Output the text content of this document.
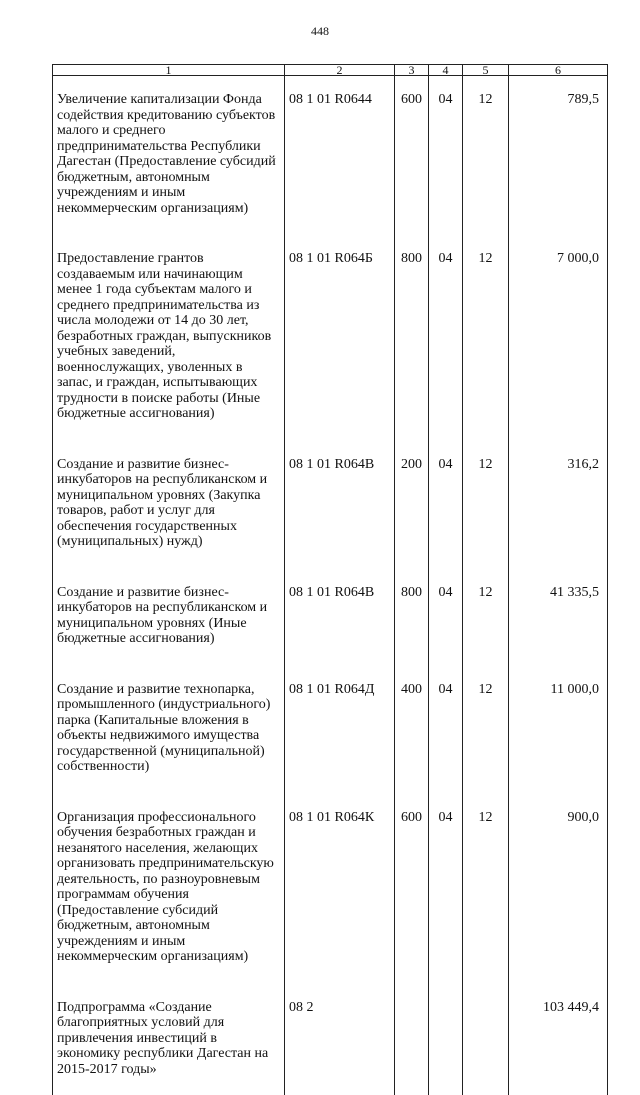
448
1	2	3	4	5	6

Увеличение капитализации Фонда содействия кредитованию субъектов малого и среднего предпринимательства Республики Дагестан (Предоставление субсидий бюджетным, автономным учреждениям и иным некоммерческим организациям)	08 1 01 R0644	600	04	12	789,5

Предоставление грантов создаваемым или начинающим менее 1 года субъектам малого и среднего предпринимательства из числа молодежи от 14 до 30 лет, безработных граждан, выпускников учебных заведений, военнослужащих, уволенных в запас, и граждан, испытывающих трудности в поиске работы (Иные бюджетные ассигнования)	08 1 01 R064Б	800	04	12	7 000,0

Создание и развитие бизнес-инкубаторов на республиканском и муниципальном уровнях (Закупка товаров, работ и услуг для обеспечения государственных (муниципальных) нужд)	08 1 01 R064В	200	04	12	316,2

Создание и развитие бизнес-инкубаторов на республиканском и муниципальном уровнях (Иные бюджетные ассигнования)	08 1 01 R064В	800	04	12	41 335,5

Создание и развитие технопарка, промышленного (индустриального) парка (Капитальные вложения в объекты недвижимого имущества государственной (муниципальной) собственности)	08 1 01 R064Д	400	04	12	11 000,0

Организация профессионального обучения безработных граждан и незанятого населения, желающих организовать предпринимательскую деятельность, по разноуровневым программам обучения (Предоставление субсидий бюджетным, автономным учреждениям и иным некоммерческим организациям)	08 1 01 R064К	600	04	12	900,0

Подпрограмма «Создание благоприятных условий для привлечения инвестиций в экономику республики Дагестан на 2015-2017 годы»	08 2				103 449,4
